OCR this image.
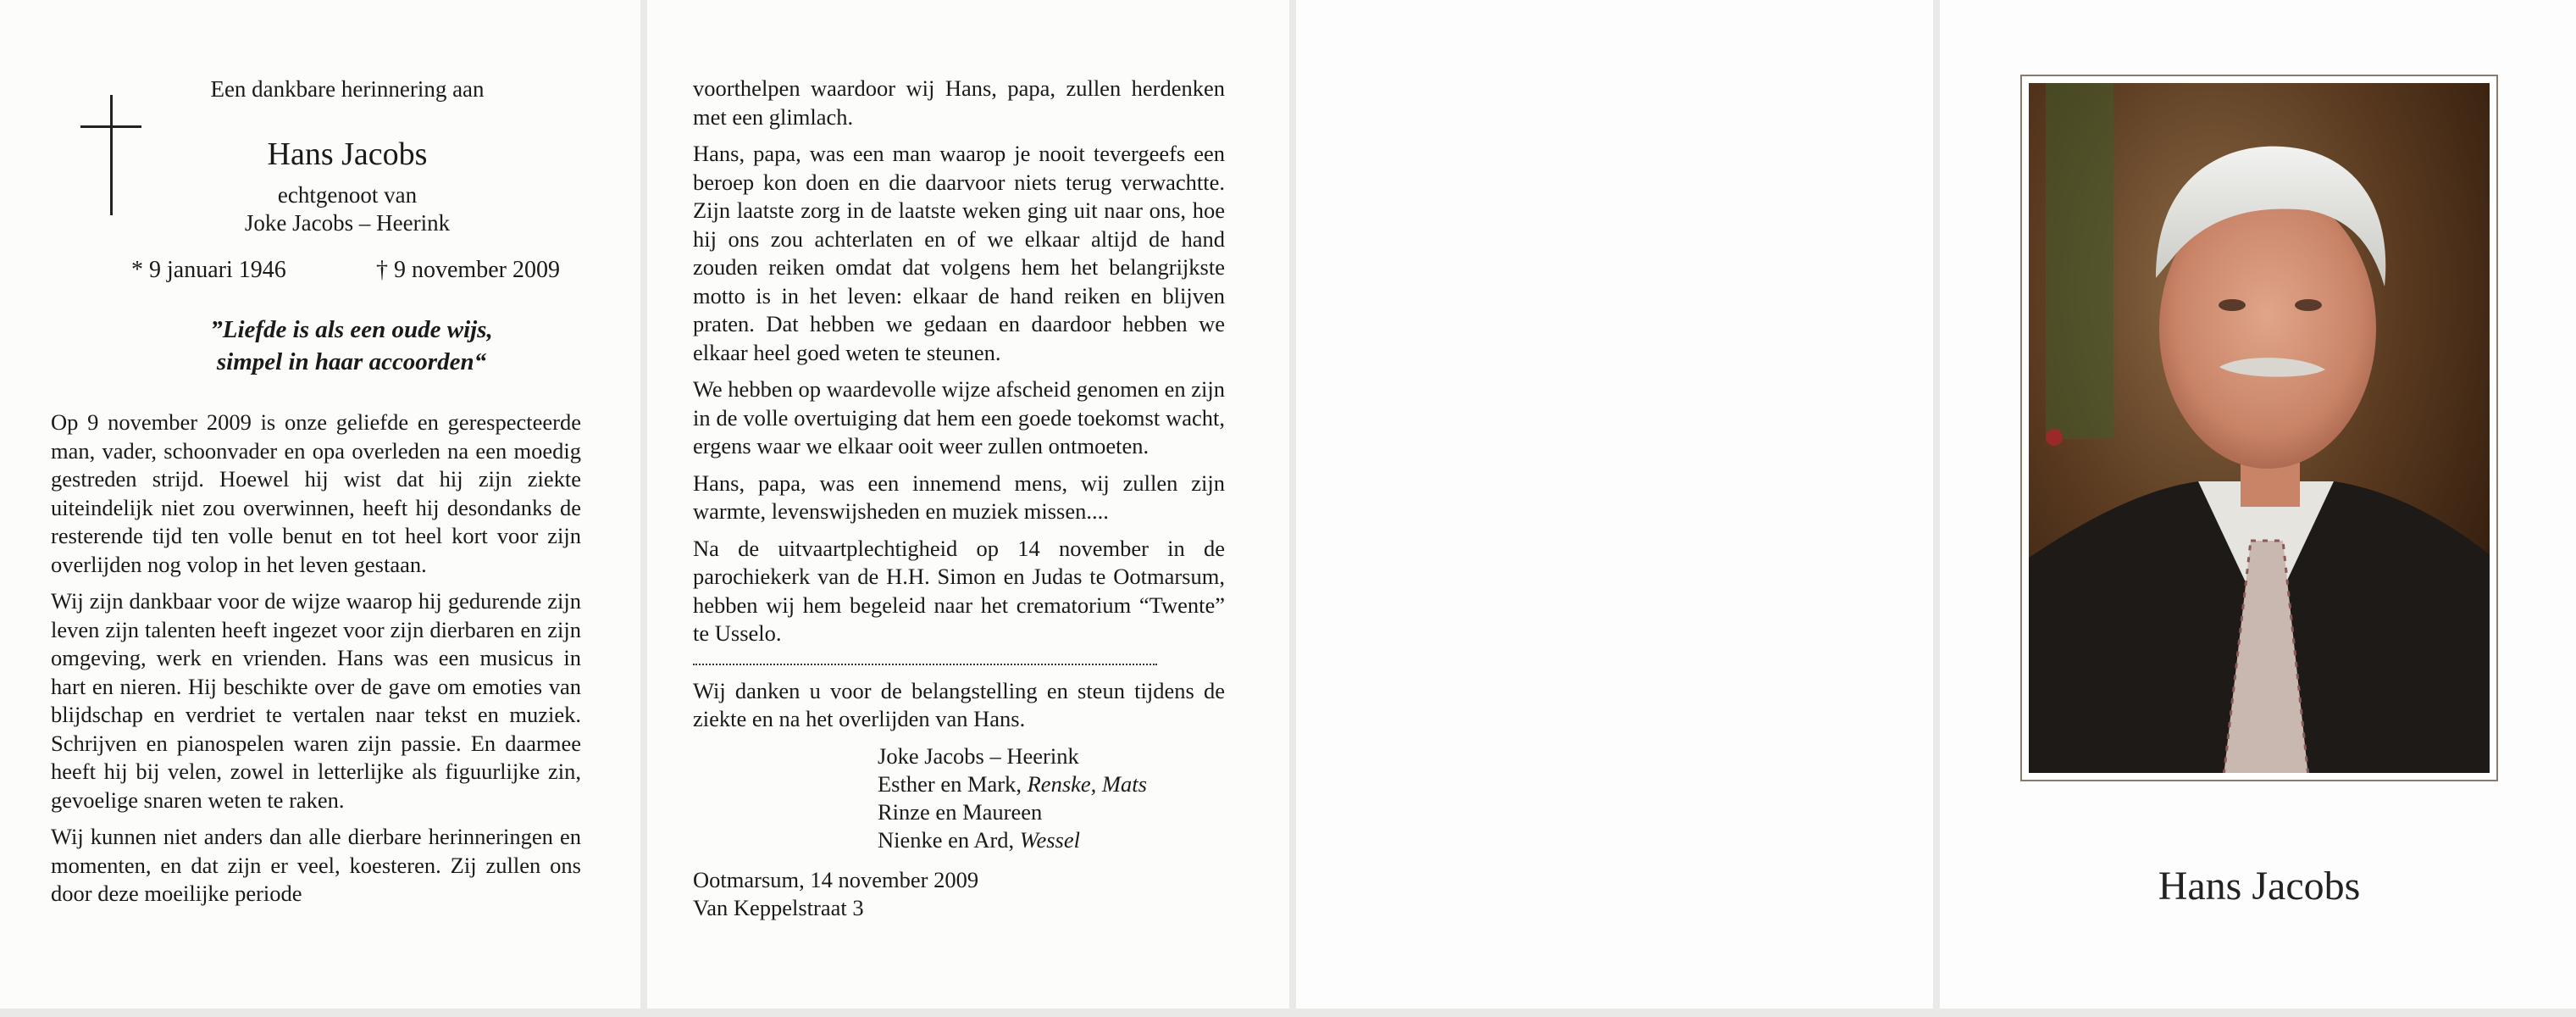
Een dankbare herinnering aan
Hans Jacobs
echtgenoot van
Joke Jacobs – Heerink
* 9 januari 1946	† 9 november 2009
”Liefde is als een oude wijs,
simpel in haar accoorden“

Op 9 november 2009 is onze geliefde en gerespecteerde man, vader, schoonvader en opa overleden na een moedig gestreden strijd. Hoewel hij wist dat hij zijn ziekte uiteindelijk niet zou overwinnen, heeft hij desondanks de resterende tijd ten volle benut en tot heel kort voor zijn overlijden nog volop in het leven gestaan.

Wij zijn dankbaar voor de wijze waarop hij gedurende zijn leven zijn talenten heeft ingezet voor zijn dierbaren en zijn omgeving, werk en vrienden. Hans was een musicus in hart en nieren. Hij beschikte over de gave om emoties van blijdschap en verdriet te vertalen naar tekst en muziek. Schrijven en pianospelen waren zijn passie. En daarmee heeft hij bij velen, zowel in letterlijke als figuurlijke zin, gevoelige snaren weten te raken.

Wij kunnen niet anders dan alle dierbare herinneringen en momenten, en dat zijn er veel, koesteren. Zij zullen ons door deze moeilijke periode

voorthelpen waardoor wij Hans, papa, zullen herdenken met een glimlach.

Hans, papa, was een man waarop je nooit tevergeefs een beroep kon doen en die daarvoor niets terug verwachtte. Zijn laatste zorg in de laatste weken ging uit naar ons, hoe hij ons zou achterlaten en of we elkaar altijd de hand zouden reiken omdat dat volgens hem het belangrijkste motto is in het leven: elkaar de hand reiken en blijven praten. Dat hebben we gedaan en daardoor hebben we elkaar heel goed weten te steunen.

We hebben op waardevolle wijze afscheid genomen en zijn in de volle overtuiging dat hem een goede toekomst wacht, ergens waar we elkaar ooit weer zullen ontmoeten.

Hans, papa, was een innemend mens, wij zullen zijn warmte, levenswijsheden en muziek missen....

Na de uitvaartplechtigheid op 14 november in de parochiekerk van de H.H. Simon en Judas te Ootmarsum, hebben wij hem begeleid naar het crematorium “Twente” te Usselo.

Wij danken u voor de belangstelling en steun tijdens de ziekte en na het overlijden van Hans.

Joke Jacobs – Heerink
Esther en Mark, Renske, Mats
Rinze en Maureen
Nienke en Ard, Wessel
Ootmarsum, 14 november 2009
Van Keppelstraat 3	Hans Jacobs
